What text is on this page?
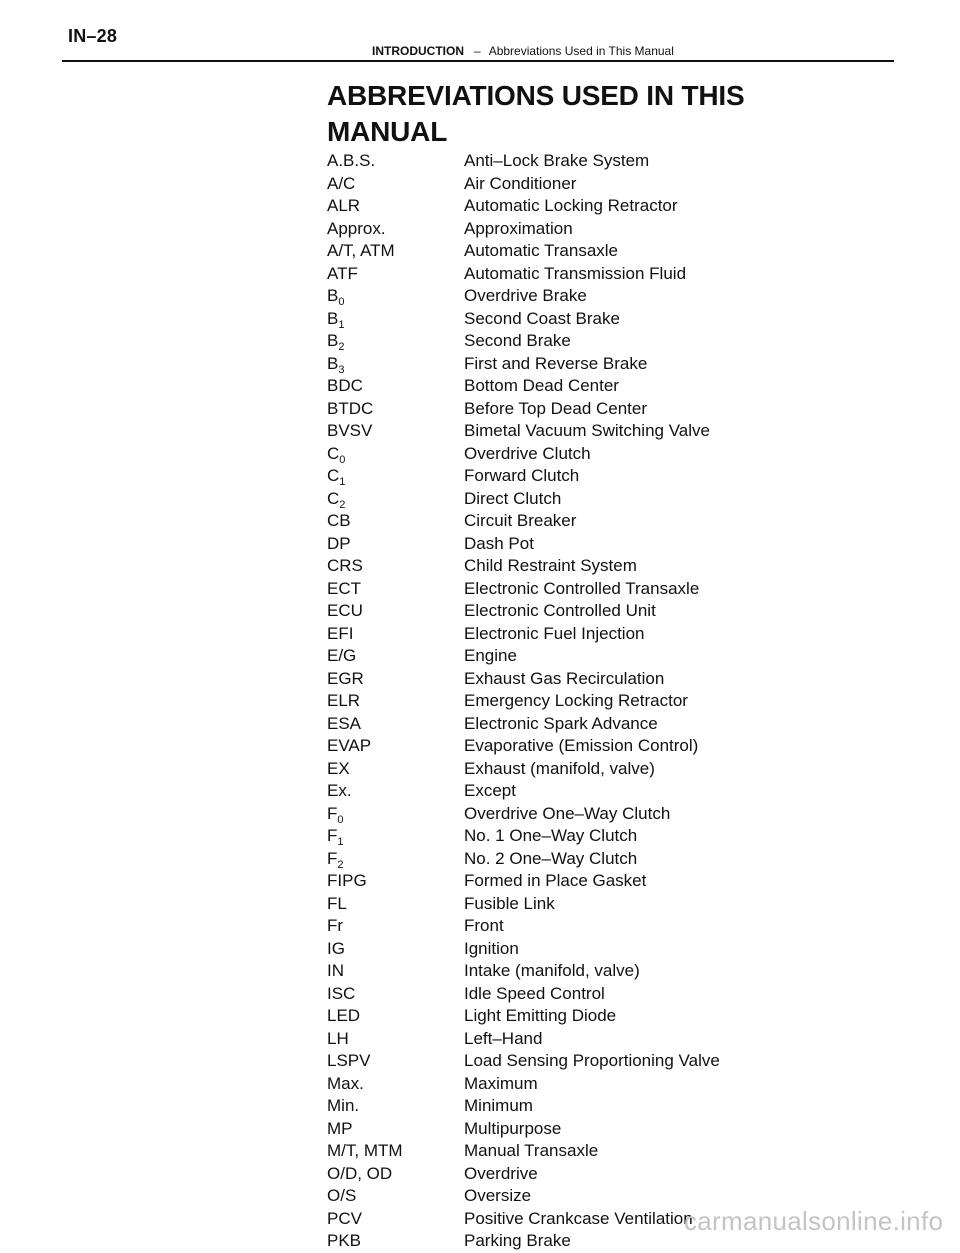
IN–28
INTRODUCTION – Abbreviations Used in This Manual
ABBREVIATIONS USED IN THIS MANUAL
A.B.S.	Anti–Lock Brake System
A/C	Air Conditioner
ALR	Automatic Locking Retractor
Approx.	Approximation
A/T, ATM	Automatic Transaxle
ATF	Automatic Transmission Fluid
$B_0$	Overdrive Brake
$B_1$	Second Coast Brake
$B_2$	Second Brake
$B_3$	First and Reverse Brake
BDC	Bottom Dead Center
BTDC	Before Top Dead Center
BVSV	Bimetal Vacuum Switching Valve
$C_0$	Overdrive Clutch
$C_1$	Forward Clutch
$C_2$	Direct Clutch
CB	Circuit Breaker
DP	Dash Pot
CRS	Child Restraint System
ECT	Electronic Controlled Transaxle
ECU	Electronic Controlled Unit
EFI	Electronic Fuel Injection
E/G	Engine
EGR	Exhaust Gas Recirculation
ELR	Emergency Locking Retractor
ESA	Electronic Spark Advance
EVAP	Evaporative (Emission Control)
EX	Exhaust (manifold, valve)
Ex.	Except
$F_0$	Overdrive One–Way Clutch
$F_1$	No. 1 One–Way Clutch
$F_2$	No. 2 One–Way Clutch
FIPG	Formed in Place Gasket
FL	Fusible Link
Fr	Front
IG	Ignition
IN	Intake (manifold, valve)
ISC	Idle Speed Control
LED	Light Emitting Diode
LH	Left–Hand
LSPV	Load Sensing Proportioning Valve
Max.	Maximum
Min.	Minimum
MP	Multipurpose
M/T, MTM	Manual Transaxle
O/D, OD	Overdrive
O/S	Oversize
PCV	Positive Crankcase Ventilation
PKB	Parking Brake
carmanualsonline.info
